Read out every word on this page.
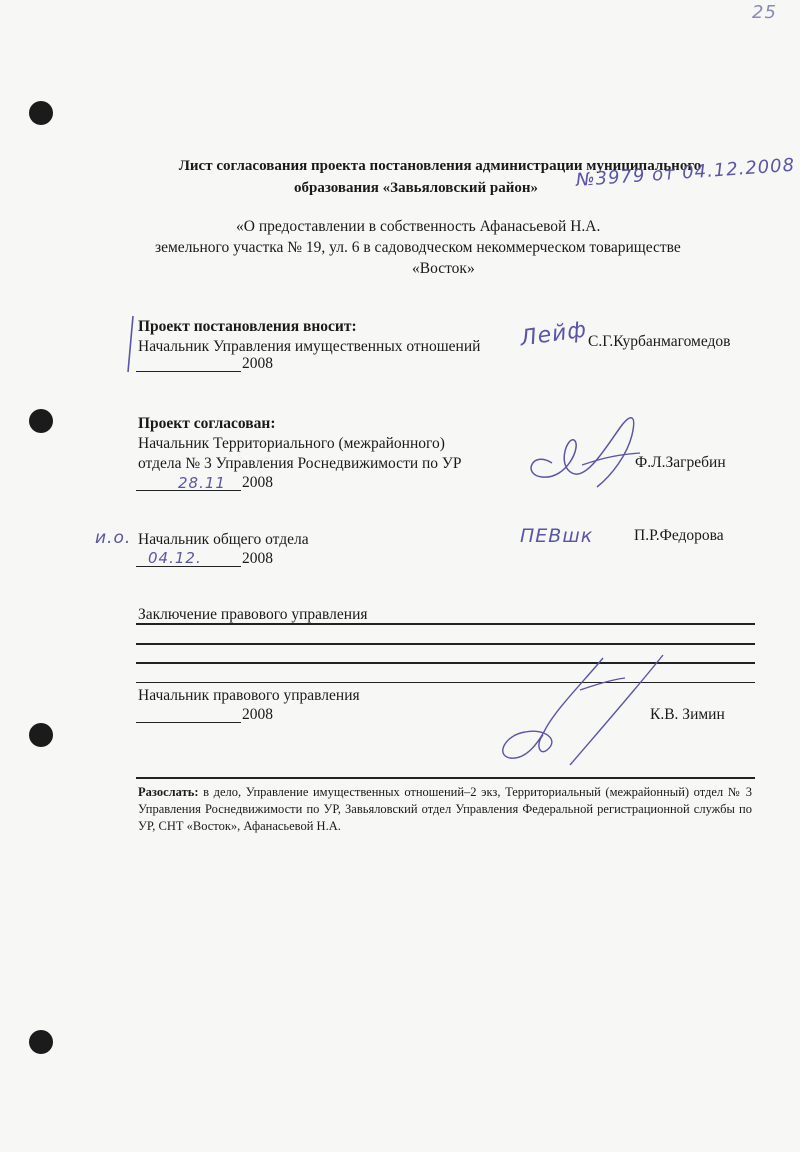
25
Лист согласования проекта постановления администрации муниципального
образования «Завьяловский район» №3979 от 04.12.2008
«О предоставлении в собственность Афанасьевой Н.А.
земельного участка № 19, ул. 6 в садоводческом некоммерческом товариществе
«Восток»
Проект постановления вносит:
Начальник Управления имущественных отношений
2008
Лейф С.Г.Курбанмагомедов
Проект согласован:
Начальник Территориального (межрайонного)
отдела № 3 Управления Роснедвижимости по УР
28.11 2008
Ф.Л.Загребин
и.о. Начальник общего отдела
04.12.	2008
ПЕВшк	П.Р.Федорова
Заключение правового управления
Начальник правового управления
2008	К.В. Зимин
Разослать: в дело, Управление имущественных отношений–2 экз, Территориальный (межрайонный) отдел № 3 Управления Роснедвижимости по УР, Завьяловский отдел Управления Федеральной регистрационной службы по УР, СНТ «Восток», Афанасьевой Н.А.
